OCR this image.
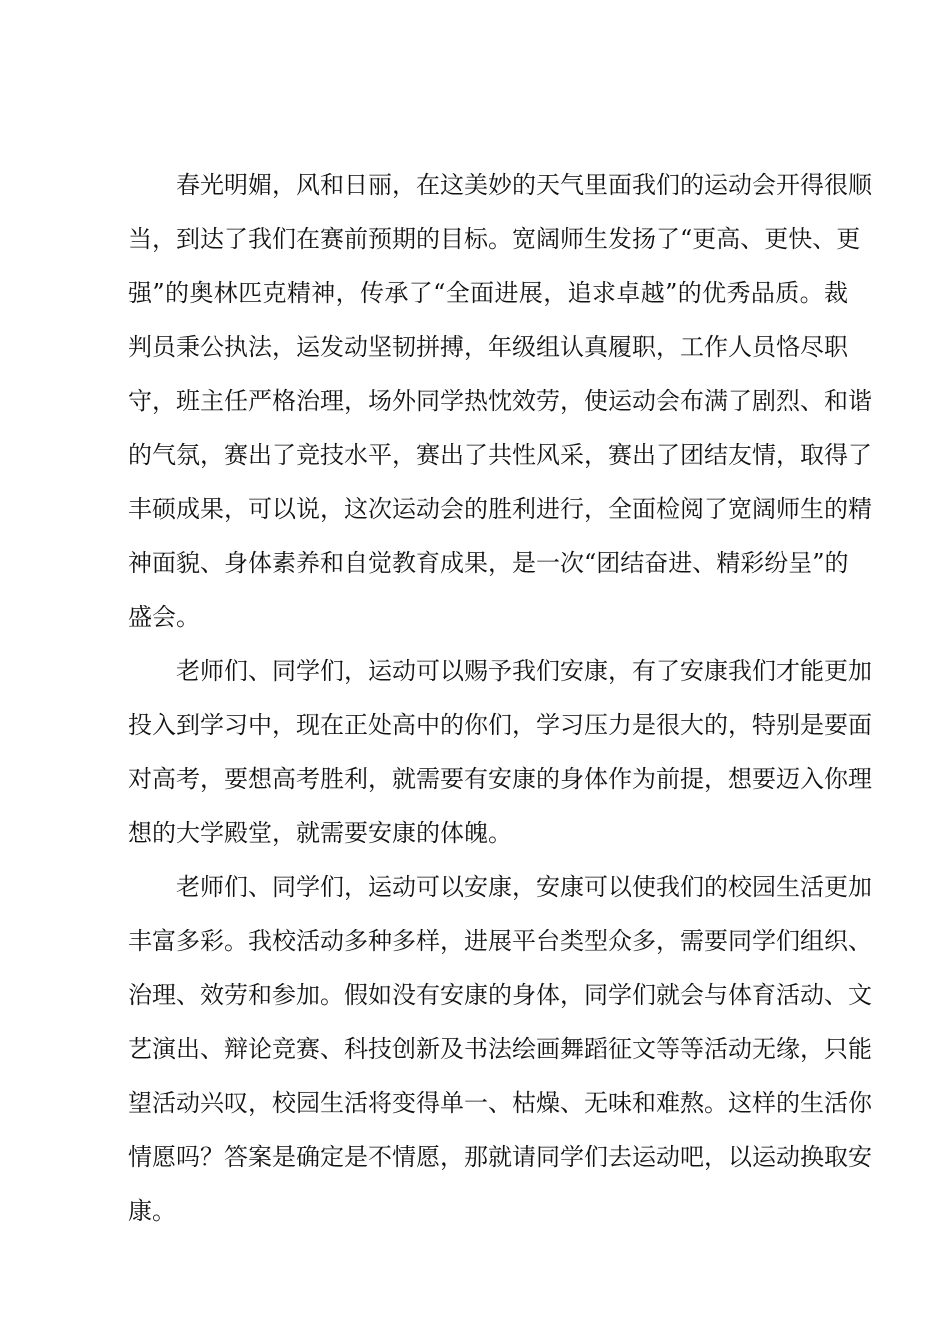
春光明媚，风和日丽，在这美妙的天气里面我们的运动会开得很顺
当，到达了我们在赛前预期的目标。宽阔师生发扬了“更高、更快、更
强”的奥林匹克精神，传承了“全面进展，追求卓越”的优秀品质。裁
判员秉公执法，运发动坚韧拼搏，年级组认真履职，工作人员恪尽职
守，班主任严格治理，场外同学热忱效劳，使运动会布满了剧烈、和谐
的气氛，赛出了竞技水平，赛出了共性风采，赛出了团结友情，取得了
丰硕成果，可以说，这次运动会的胜利进行，全面检阅了宽阔师生的精
神面貌、身体素养和自觉教育成果，是一次“团结奋进、精彩纷呈”的
盛会。
老师们、同学们，运动可以赐予我们安康，有了安康我们才能更加
投入到学习中，现在正处高中的你们，学习压力是很大的，特别是要面
对高考，要想高考胜利，就需要有安康的身体作为前提，想要迈入你理
想的大学殿堂，就需要安康的体魄。
老师们、同学们，运动可以安康，安康可以使我们的校园生活更加
丰富多彩。我校活动多种多样，进展平台类型众多，需要同学们组织、
治理、效劳和参加。假如没有安康的身体，同学们就会与体育活动、文
艺演出、辩论竞赛、科技创新及书法绘画舞蹈征文等等活动无缘，只能
望活动兴叹，校园生活将变得单一、枯燥、无味和难熬。这样的生活你
情愿吗？答案是确定是不情愿，那就请同学们去运动吧，以运动换取安
康。
